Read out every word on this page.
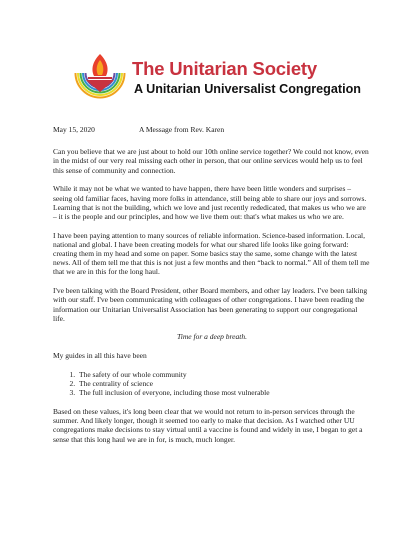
The Unitarian Society
A Unitarian Universalist Congregation
May 15, 2020	A Message from Rev. Karen

Can you believe that we are just about to hold our 10th online service together? We could not know, even in the midst of our very real missing each other in person, that our online services would help us to feel this sense of community and connection.

While it may not be what we wanted to have happen, there have been little wonders and surprises – seeing old familiar faces, having more folks in attendance, still being able to share our joys and sorrows. Learning that is not the building, which we love and just recently rededicated, that makes us who we are – it is the people and our principles, and how we live them out: that's what makes us who we are.

I have been paying attention to many sources of reliable information. Science-based information. Local, national and global. I have been creating models for what our shared life looks like going forward: creating them in my head and some on paper. Some basics stay the same, some change with the latest news. All of them tell me that this is not just a few months and then “back to normal.” All of them tell me that we are in this for the long haul.

I've been talking with the Board President, other Board members, and other lay leaders. I've been talking with our staff. I've been communicating with colleagues of other congregations. I have been reading the information our Unitarian Universalist Association has been generating to support our congregational life.

Time for a deep breath.

My guides in all this have been

1. The safety of our whole community
2. The centrality of science
3. The full inclusion of everyone, including those most vulnerable

Based on these values, it's long been clear that we would not return to in-person services through the summer. And likely longer, though it seemed too early to make that decision. As I watched other UU congregations make decisions to stay virtual until a vaccine is found and widely in use, I began to get a sense that this long haul we are in for, is much, much longer.
